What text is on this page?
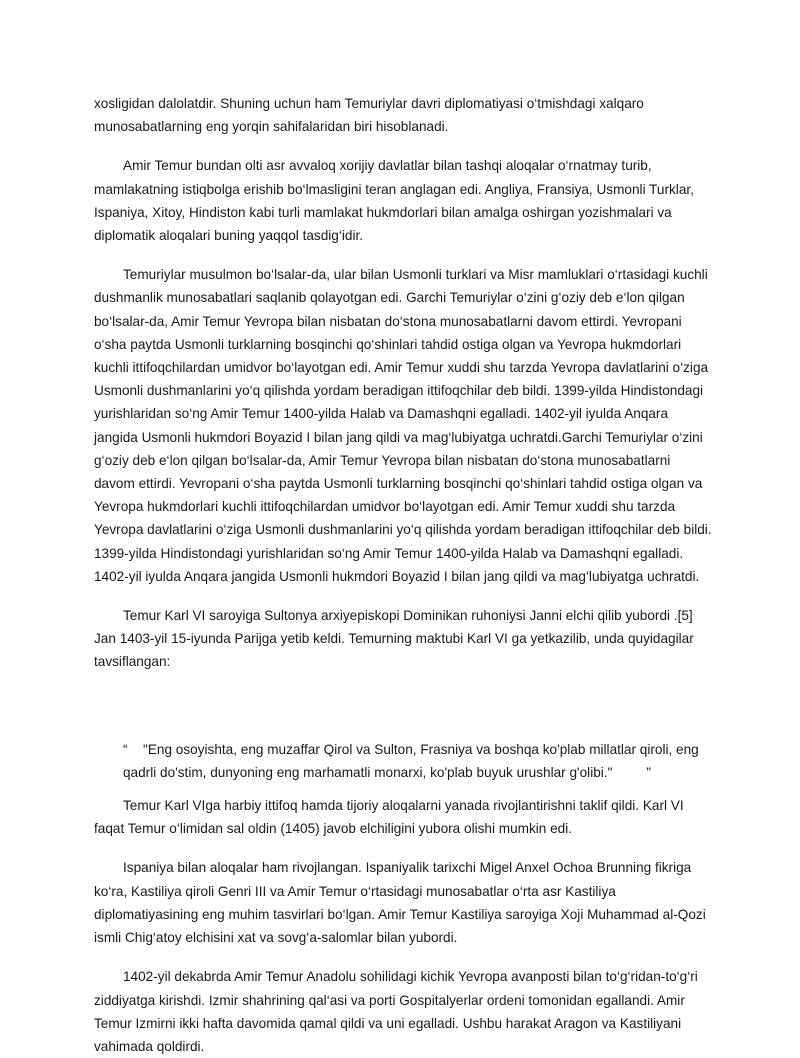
xosligidan dalolatdir. Shuning uchun ham Temuriylar davri diplomatiyasi o‘tmishdagi xalqaro munosabatlarning eng yorqin sahifalaridan biri hisoblanadi.

Amir Temur bundan olti asr avvaloq xorijiy davlatlar bilan tashqi aloqalar o‘rnatmay turib, mamlakatning istiqbolga erishib bo‘lmasligini teran anglagan edi. Angliya, Fransiya, Usmonli Turklar, Ispaniya, Xitoy, Hindiston kabi turli mamlakat hukmdorlari bilan amalga oshirgan yozishmalari va diplomatik aloqalari buning yaqqol tasdig‘idir.

Temuriylar musulmon bo‘lsalar-da, ular bilan Usmonli turklari va Misr mamluklari o‘rtasidagi kuchli dushmanlik munosabatlari saqlanib qolayotgan edi. Garchi Temuriylar o‘zini g‘oziy deb e‘lon qilgan bo‘lsalar-da, Amir Temur Yevropa bilan nisbatan do‘stona munosabatlarni davom ettirdi. Yevropani o‘sha paytda Usmonli turklarning bosqinchi qo‘shinlari tahdid ostiga olgan va Yevropa hukmdorlari kuchli ittifoqchilardan umidvor bo‘layotgan edi. Amir Temur xuddi shu tarzda Yevropa davlatlarini o‘ziga Usmonli dushmanlarini yo‘q qilishda yordam beradigan ittifoqchilar deb bildi. 1399-yilda Hindistondagi yurishlaridan so‘ng Amir Temur 1400-yilda Halab va Damashqni egalladi. 1402-yil iyulda Anqara jangida Usmonli hukmdori Boyazid I bilan jang qildi va mag‘lubiyatga uchratdi.Garchi Temuriylar o‘zini g‘oziy deb e‘lon qilgan bo‘lsalar-da, Amir Temur Yevropa bilan nisbatan do‘stona munosabatlarni davom ettirdi. Yevropani o‘sha paytda Usmonli turklarning bosqinchi qo‘shinlari tahdid ostiga olgan va Yevropa hukmdorlari kuchli ittifoqchilardan umidvor bo‘layotgan edi. Amir Temur xuddi shu tarzda Yevropa davlatlarini o‘ziga Usmonli dushmanlarini yo‘q qilishda yordam beradigan ittifoqchilar deb bildi. 1399-yilda Hindistondagi yurishlaridan so‘ng Amir Temur 1400-yilda Halab va Damashqni egalladi. 1402-yil iyulda Anqara jangida Usmonli hukmdori Boyazid I bilan jang qildi va mag‘lubiyatga uchratdi.

Temur Karl VI saroyiga Sultonya arxiyepiskopi Dominikan ruhoniysi Janni elchi qilib yubordi .[5] Jan 1403-yil 15-iyunda Parijga yetib keldi. Temurning maktubi Karl VI ga yetkazilib, unda quyidagilar tavsiflangan:

“ "Eng osoyishta, eng muzaffar Qirol va Sulton, Frasniya va boshqa ko'plab millatlar qiroli, eng qadrli do'stim, dunyoning eng marhamatli monarxi, ko'plab buyuk urushlar g'olibi."	”

Temur Karl VIga harbiy ittifoq hamda tijoriy aloqalarni yanada rivojlantirishni taklif qildi. Karl VI faqat Temur o‘limidan sal oldin (1405) javob elchiligini yubora olishi mumkin edi.

Ispaniya bilan aloqalar ham rivojlangan. Ispaniyalik tarixchi Migel Anxel Ochoa Brunning fikriga ko‘ra, Kastiliya qiroli Genri III va Amir Temur o‘rtasidagi munosabatlar o‘rta asr Kastiliya diplomatiyasining eng muhim tasvirlari bo‘lgan. Amir Temur Kastiliya saroyiga Xoji Muhammad al-Qozi ismli Chig‘atoy elchisini xat va sovg‘a-salomlar bilan yubordi.

1402-yil dekabrda Amir Temur Anadolu sohilidagi kichik Yevropa avanposti bilan to‘g‘ridan-to‘g‘ri ziddiyatga kirishdi. Izmir shahrining qal‘asi va porti Gospitalyerlar ordeni tomonidan egallandi. Amir Temur Izmirni ikki hafta davomida qamal qildi va uni egalladi. Ushbu harakat Aragon va Kastiliyani vahimada qoldirdi.
